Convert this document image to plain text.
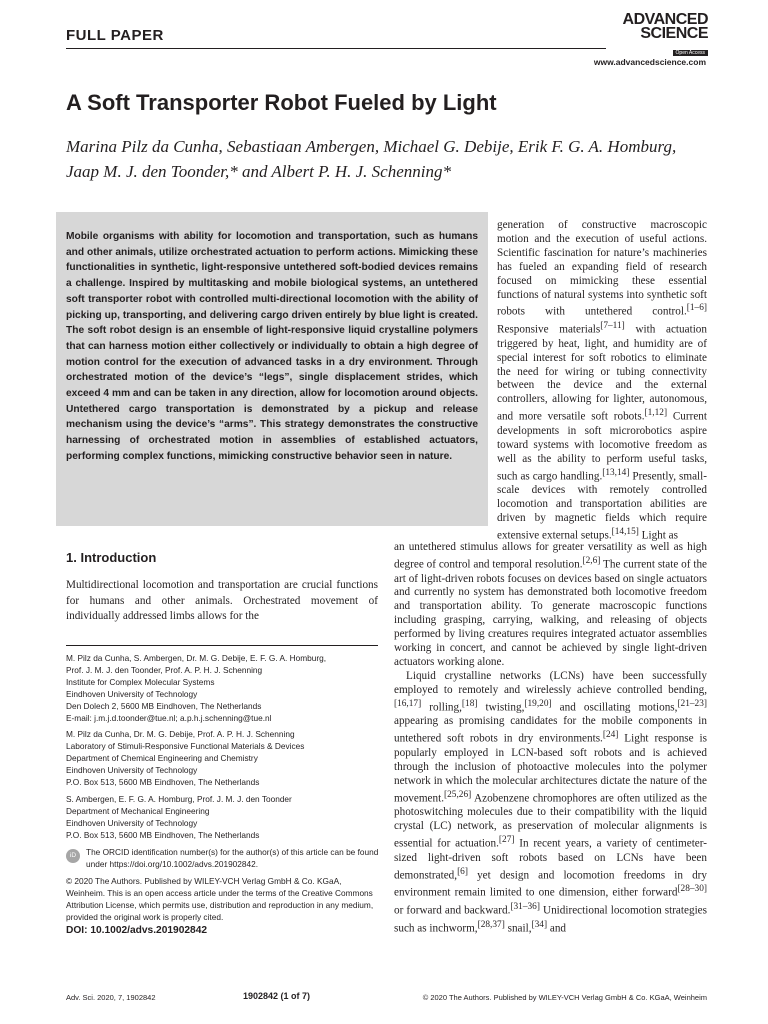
FULL PAPER
ADVANCED
SCIENCE
Open Access
www.advancedscience.com
A Soft Transporter Robot Fueled by Light
Marina Pilz da Cunha, Sebastiaan Ambergen, Michael G. Debije, Erik F. G. A. Homburg,
Jaap M. J. den Toonder,* and Albert P. H. J. Schenning*
Mobile organisms with ability for locomotion and transportation, such as humans and other animals, utilize orchestrated actuation to perform actions. Mimicking these functionalities in synthetic, light-responsive untethered soft-bodied devices remains a challenge. Inspired by multitasking and mobile biological systems, an untethered soft transporter robot with controlled multi-directional locomotion with the ability of picking up, transporting, and delivering cargo driven entirely by blue light is created. The soft robot design is an ensemble of light-responsive liquid crystalline polymers that can harness motion either collectively or individually to obtain a high degree of motion control for the execution of advanced tasks in a dry environment. Through orchestrated motion of the device’s “legs”, single displacement strides, which exceed 4 mm and can be taken in any direction, allow for locomotion around objects. Untethered cargo transportation is demonstrated by a pickup and release mechanism using the device’s “arms”. This strategy demonstrates the constructive harnessing of orchestrated motion in assemblies of established actuators, performing complex functions, mimicking constructive behavior seen in nature.
1. Introduction
Multidirectional locomotion and transportation are crucial functions for humans and other animals. Orchestrated movement of individually addressed limbs allows for the
M. Pilz da Cunha, S. Ambergen, Dr. M. G. Debije, E. F. G. A. Homburg,
Prof. J. M. J. den Toonder, Prof. A. P. H. J. Schenning
Institute for Complex Molecular Systems
Eindhoven University of Technology
Den Dolech 2, 5600 MB Eindhoven, The Netherlands
E-mail: j.m.j.d.toonder@tue.nl; a.p.h.j.schenning@tue.nl
M. Pilz da Cunha, Dr. M. G. Debije, Prof. A. P. H. J. Schenning
Laboratory of Stimuli-Responsive Functional Materials & Devices
Department of Chemical Engineering and Chemistry
Eindhoven University of Technology
P.O. Box 513, 5600 MB Eindhoven, The Netherlands
S. Ambergen, E. F. G. A. Homburg, Prof. J. M. J. den Toonder
Department of Mechanical Engineering
Eindhoven University of Technology
P.O. Box 513, 5600 MB Eindhoven, The Netherlands
iD	The ORCID identification number(s) for the author(s) of this article can be found under https://doi.org/10.1002/advs.201902842.
© 2020 The Authors. Published by WILEY-VCH Verlag GmbH & Co. KGaA, Weinheim. This is an open access article under the terms of the Creative Commons Attribution License, which permits use, distribution and reproduction in any medium, provided the original work is properly cited.
DOI: 10.1002/advs.201902842

generation of constructive macroscopic motion and the execution of useful actions. Scientific fascination for nature’s machineries has fueled an expanding field of research focused on mimicking these essential functions of natural systems into synthetic soft robots with untethered control.[1–6] Responsive materials[7–11] with actuation triggered by heat, light, and humidity are of special interest for soft robotics to eliminate the need for wiring or tubing connectivity between the device and the external controllers, allowing for lighter, autonomous, and more versatile soft robots.[1,12] Current developments in soft microrobotics aspire toward systems with locomotive freedom as well as the ability to perform useful tasks, such as cargo handling.[13,14] Presently, small-scale devices with remotely controlled locomotion and transportation abilities are driven by magnetic fields which require extensive external setups.[14,15] Light as

an untethered stimulus allows for greater versatility as well as high degree of control and temporal resolution.[2,6] The current state of the art of light-driven robots focuses on devices based on single actuators and currently no system has demonstrated both locomotive freedom and transportation ability. To generate macroscopic functions including grasping, carrying, walking, and releasing of objects performed by living creatures requires integrated actuator assemblies working in concert, and cannot be achieved by single light-driven actuators working alone.

Liquid crystalline networks (LCNs) have been successfully employed to remotely and wirelessly achieve controlled bending,[16,17] rolling,[18] twisting,[19,20] and oscillating motions,[21–23] appearing as promising candidates for the mobile components in untethered soft robots in dry environments.[24] Light response is popularly employed in LCN-based soft robots and is achieved through the inclusion of photoactive molecules into the polymer network in which the molecular architectures dictate the nature of the movement.[25,26] Azobenzene chromophores are often utilized as the photoswitching molecules due to their compatibility with the liquid crystal (LC) network, as preservation of molecular alignments is essential for actuation.[27] In recent years, a variety of centimeter-sized light-driven soft robots based on LCNs have been demonstrated,[6] yet design and locomotion freedoms in dry environment remain limited to one dimension, either forward[28–30] or forward and backward.[31–36] Unidirectional locomotion strategies such as inchworm,[28,37] snail,[34] and

Adv. Sci. 2020, 7, 1902842	1902842 (1 of 7)	© 2020 The Authors. Published by WILEY-VCH Verlag GmbH & Co. KGaA, Weinheim
